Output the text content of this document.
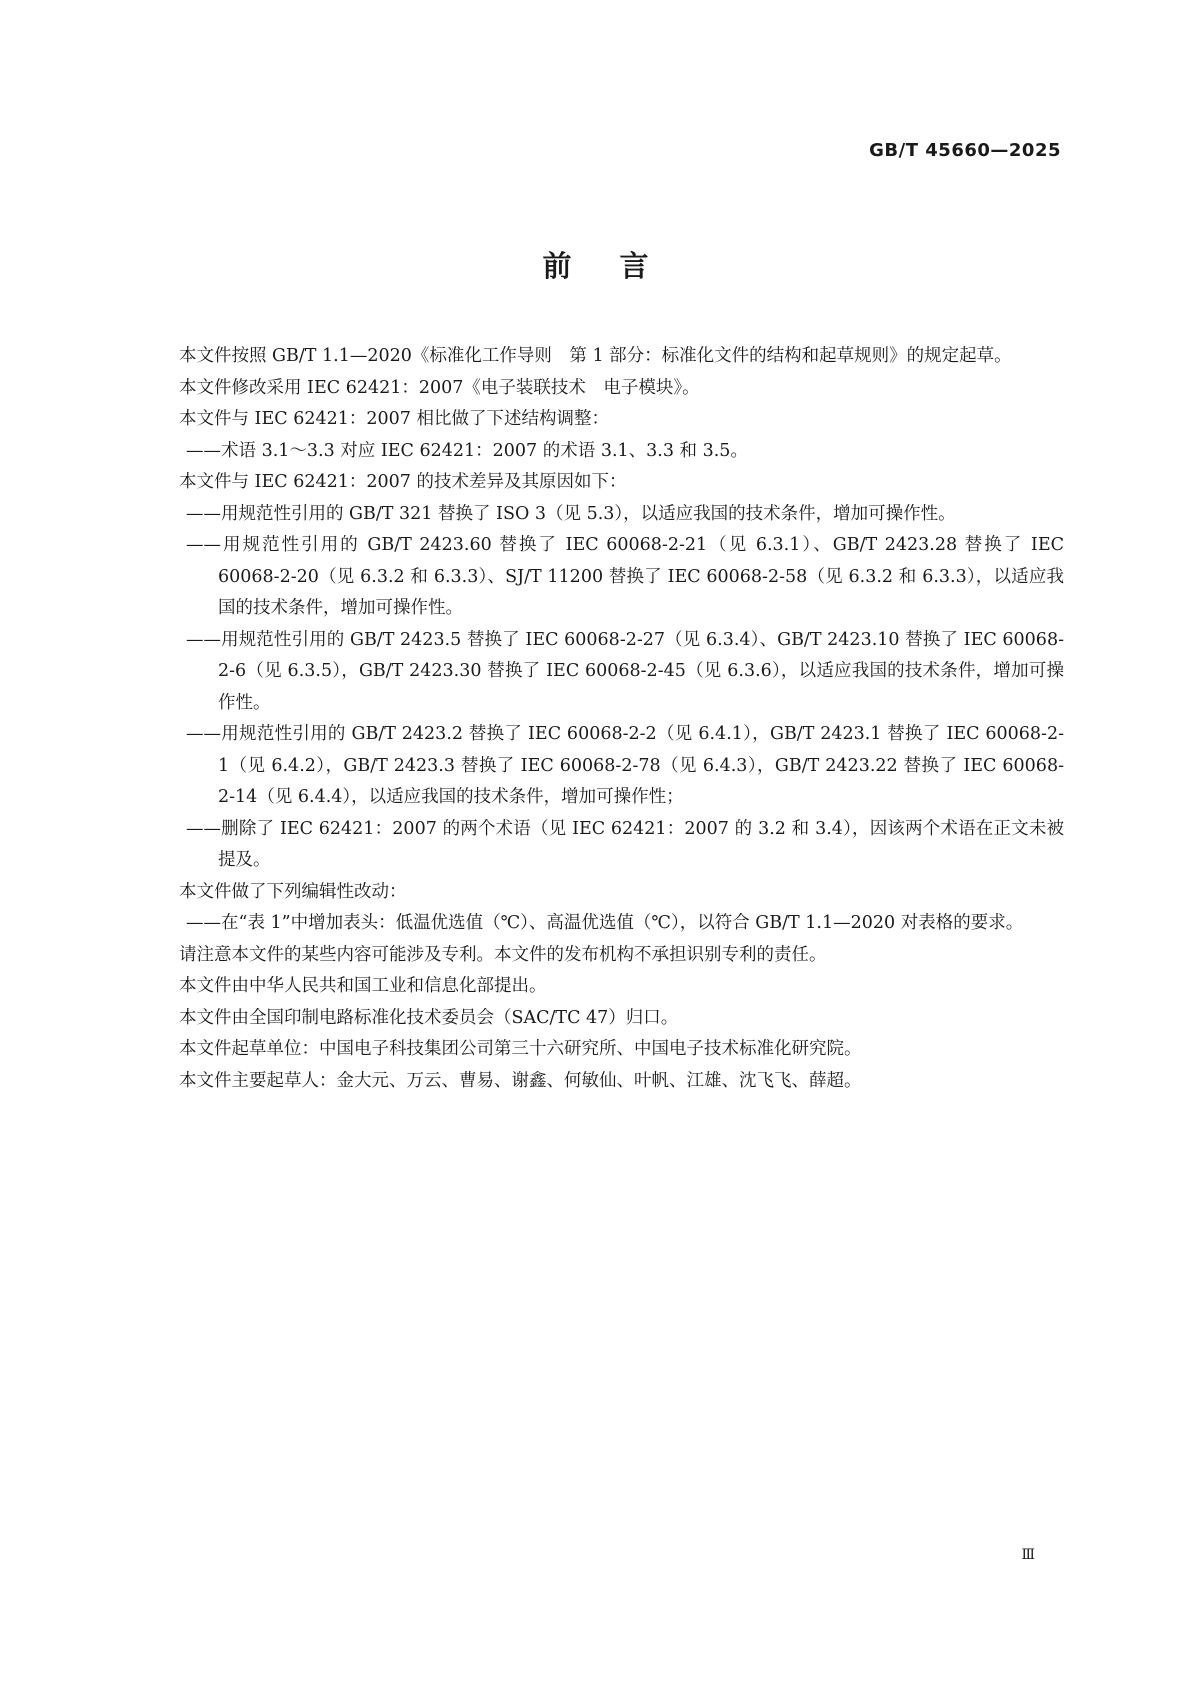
GB/T 45660—2025
前言

本文件按照 GB/T 1.1—2020《标准化工作导则　第 1 部分：标准化文件的结构和起草规则》的规定起草。

本文件修改采用 IEC 62421：2007《电子装联技术　电子模块》。

本文件与 IEC 62421：2007 相比做了下述结构调整：

——术语 3.1～3.3 对应 IEC 62421：2007 的术语 3.1、3.3 和 3.5。

本文件与 IEC 62421：2007 的技术差异及其原因如下：

——用规范性引用的 GB/T 321 替换了 ISO 3（见 5.3），以适应我国的技术条件，增加可操作性。

——用规范性引用的 GB/T 2423.60 替换了 IEC 60068-2-21（见 6.3.1）、GB/T 2423.28 替换了 IEC 60068-2-20（见 6.3.2 和 6.3.3）、SJ/T 11200 替换了 IEC 60068-2-58（见 6.3.2 和 6.3.3），以适应我国的技术条件，增加可操作性。

——用规范性引用的 GB/T 2423.5 替换了 IEC 60068-2-27（见 6.3.4）、GB/T 2423.10 替换了 IEC 60068-2-6（见 6.3.5），GB/T 2423.30 替换了 IEC 60068-2-45（见 6.3.6），以适应我国的技术条件，增加可操作性。

——用规范性引用的 GB/T 2423.2 替换了 IEC 60068-2-2（见 6.4.1），GB/T 2423.1 替换了 IEC 60068-2-1（见 6.4.2），GB/T 2423.3 替换了 IEC 60068-2-78（见 6.4.3），GB/T 2423.22 替换了 IEC 60068-2-14（见 6.4.4），以适应我国的技术条件，增加可操作性；

——删除了 IEC 62421：2007 的两个术语（见 IEC 62421：2007 的 3.2 和 3.4），因该两个术语在正文未被提及。

本文件做了下列编辑性改动：

——在“表 1”中增加表头：低温优选值（℃）、高温优选值（℃），以符合 GB/T 1.1—2020 对表格的要求。

请注意本文件的某些内容可能涉及专利。本文件的发布机构不承担识别专利的责任。

本文件由中华人民共和国工业和信息化部提出。

本文件由全国印制电路标准化技术委员会（SAC/TC 47）归口。

本文件起草单位：中国电子科技集团公司第三十六研究所、中国电子技术标准化研究院。

本文件主要起草人：金大元、万云、曹易、谢鑫、何敏仙、叶帆、江雄、沈飞飞、薛超。

Ⅲ
